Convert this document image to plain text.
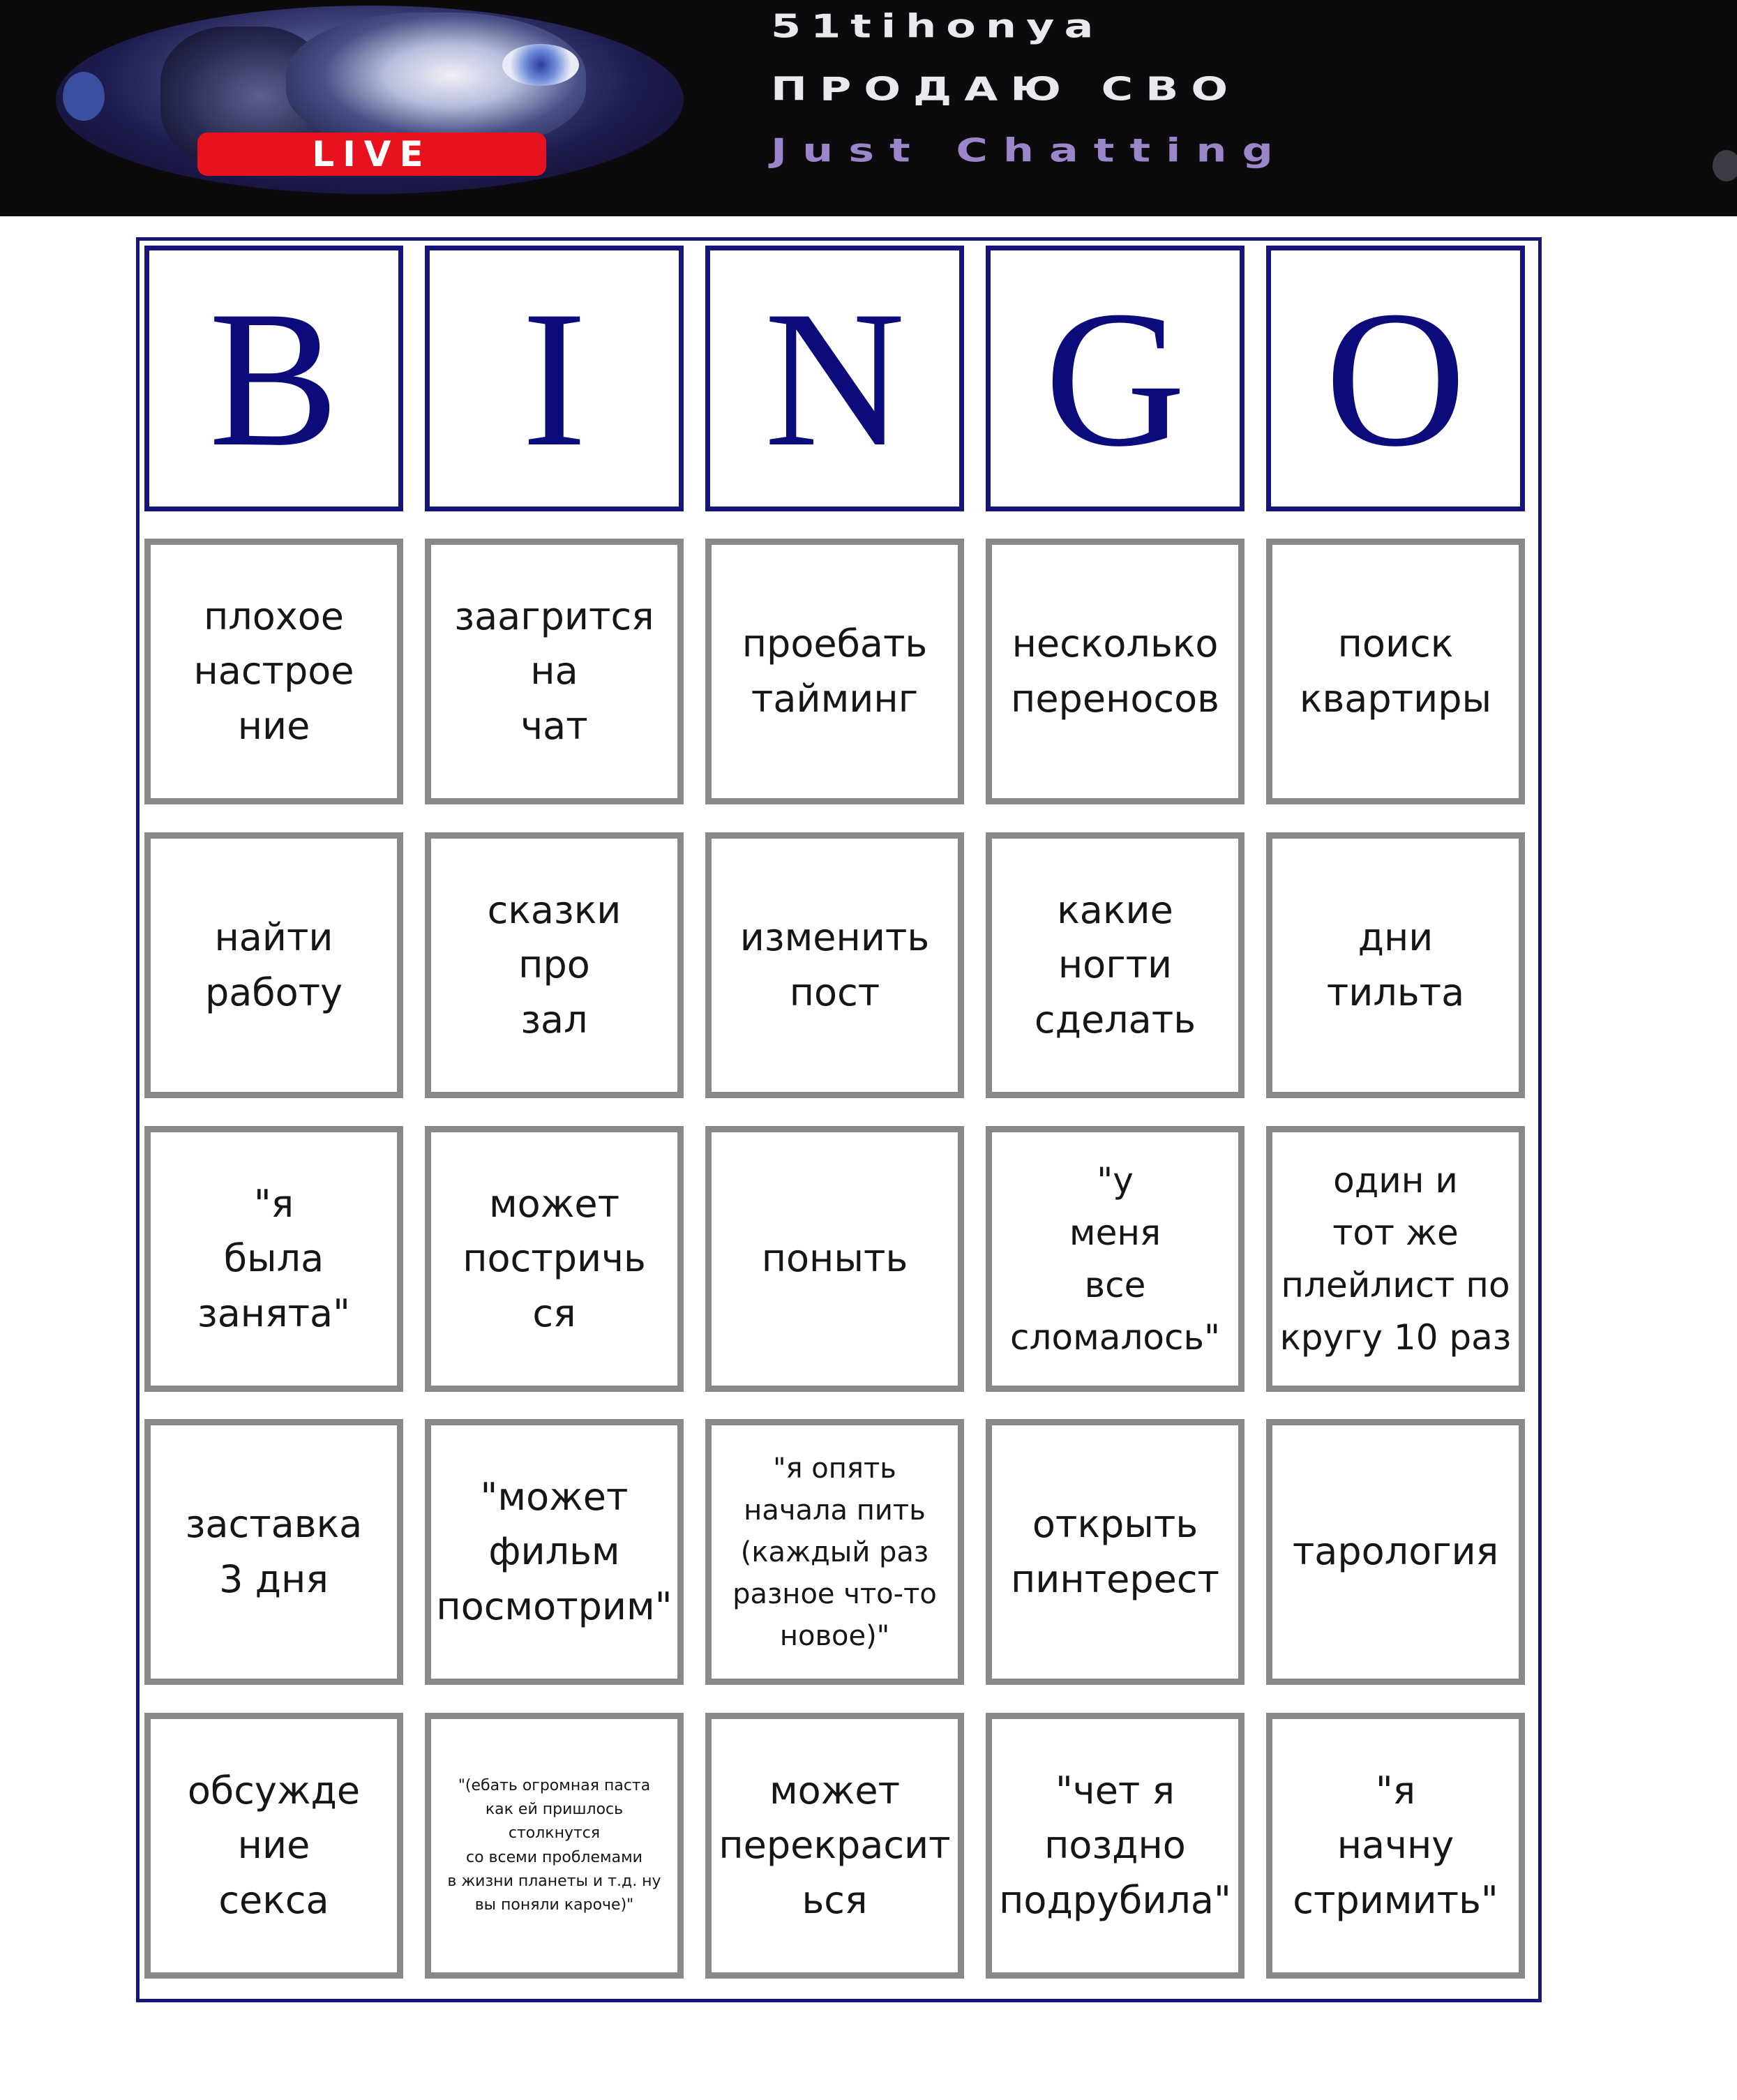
LIVE
51tihonya
ПРОДАЮ СВО
Just Chatting
B I N G O
плохое
настрое
ние
заагрится
на
чат
проебать
тайминг
несколько
переносов
поиск
квартиры
найти
работу
сказки
про
зал
изменить
пост
какие
ногти
сделать
дни
тильта
"я
была
занята"
может
постричь
ся
поныть
"у
меня
все
сломалось"
один и
тот же
плейлист по
кругу 10 раз
заставка
3 дня
"может
фильм
посмотрим"
"я опять
начала пить
(каждый раз
разное что-то
новое)"
открыть
пинтерест
тарология
обсужде
ние
секса
"(ебать огромная паста
как ей пришлось
столкнутся
со всеми проблемами
в жизни планеты и т.д. ну
вы поняли кароче)"
может
перекрасит
ься
"чет я
поздно
подрубила"
"я
начну
стримить"
